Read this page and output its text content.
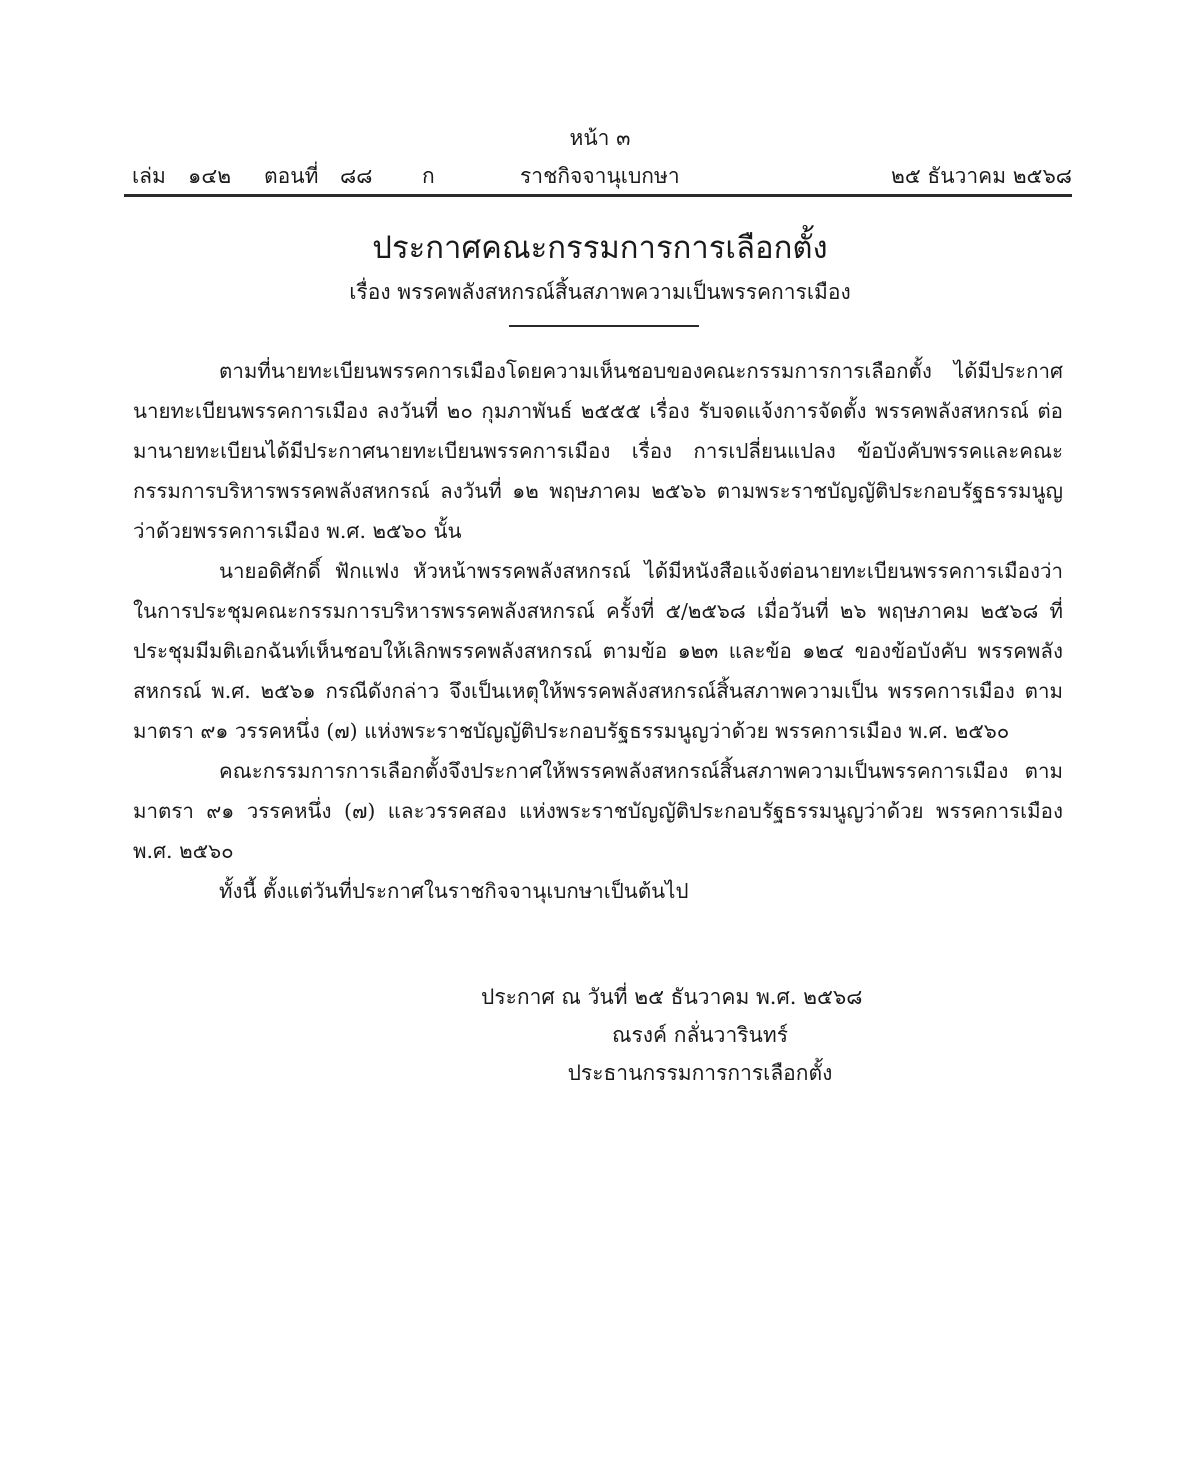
หน้า ๓
เล่ม ๑๔๒ ตอนที่ ๘๘ ก	ราชกิจจานุเบกษา	๒๕ ธันวาคม ๒๕๖๘
ประกาศคณะกรรมการการเลือกตั้ง
เรื่อง พรรคพลังสหกรณ์สิ้นสภาพความเป็นพรรคการเมือง

ตามที่นายทะเบียนพรรคการเมืองโดยความเห็นชอบของคณะกรรมการการเลือกตั้ง ได้มีประกาศนายทะเบียนพรรคการเมือง ลงวันที่ ๒๐ กุมภาพันธ์ ๒๕๕๕ เรื่อง รับจดแจ้งการจัดตั้ง พรรคพลังสหกรณ์ ต่อมานายทะเบียนได้มีประกาศนายทะเบียนพรรคการเมือง เรื่อง การเปลี่ยนแปลง ข้อบังคับพรรคและคณะกรรมการบริหารพรรคพลังสหกรณ์ ลงวันที่ ๑๒ พฤษภาคม ๒๕๖๖ ตามพระราชบัญญัติประกอบรัฐธรรมนูญว่าด้วยพรรคการเมือง พ.ศ. ๒๕๖๐ นั้น

นายอดิศักดิ์ ฟักแฟง หัวหน้าพรรคพลังสหกรณ์ ได้มีหนังสือแจ้งต่อนายทะเบียนพรรคการเมืองว่า ในการประชุมคณะกรรมการบริหารพรรคพลังสหกรณ์ ครั้งที่ ๕/๒๕๖๘ เมื่อวันที่ ๒๖ พฤษภาคม ๒๕๖๘ ที่ประชุมมีมติเอกฉันท์เห็นชอบให้เลิกพรรคพลังสหกรณ์ ตามข้อ ๑๒๓ และข้อ ๑๒๔ ของข้อบังคับ พรรคพลังสหกรณ์ พ.ศ. ๒๕๖๑ กรณีดังกล่าว จึงเป็นเหตุให้พรรคพลังสหกรณ์สิ้นสภาพความเป็น พรรคการเมือง ตามมาตรา ๙๑ วรรคหนึ่ง (๗) แห่งพระราชบัญญัติประกอบรัฐธรรมนูญว่าด้วย พรรคการเมือง พ.ศ. ๒๕๖๐

คณะกรรมการการเลือกตั้งจึงประกาศให้พรรคพลังสหกรณ์สิ้นสภาพความเป็นพรรคการเมือง ตามมาตรา ๙๑ วรรคหนึ่ง (๗) และวรรคสอง แห่งพระราชบัญญัติประกอบรัฐธรรมนูญว่าด้วย พรรคการเมือง พ.ศ. ๒๕๖๐

ทั้งนี้ ตั้งแต่วันที่ประกาศในราชกิจจานุเบกษาเป็นต้นไป

ประกาศ ณ วันที่ ๒๕ ธันวาคม พ.ศ. ๒๕๖๘
ณรงค์ กลั่นวารินทร์
ประธานกรรมการการเลือกตั้ง
